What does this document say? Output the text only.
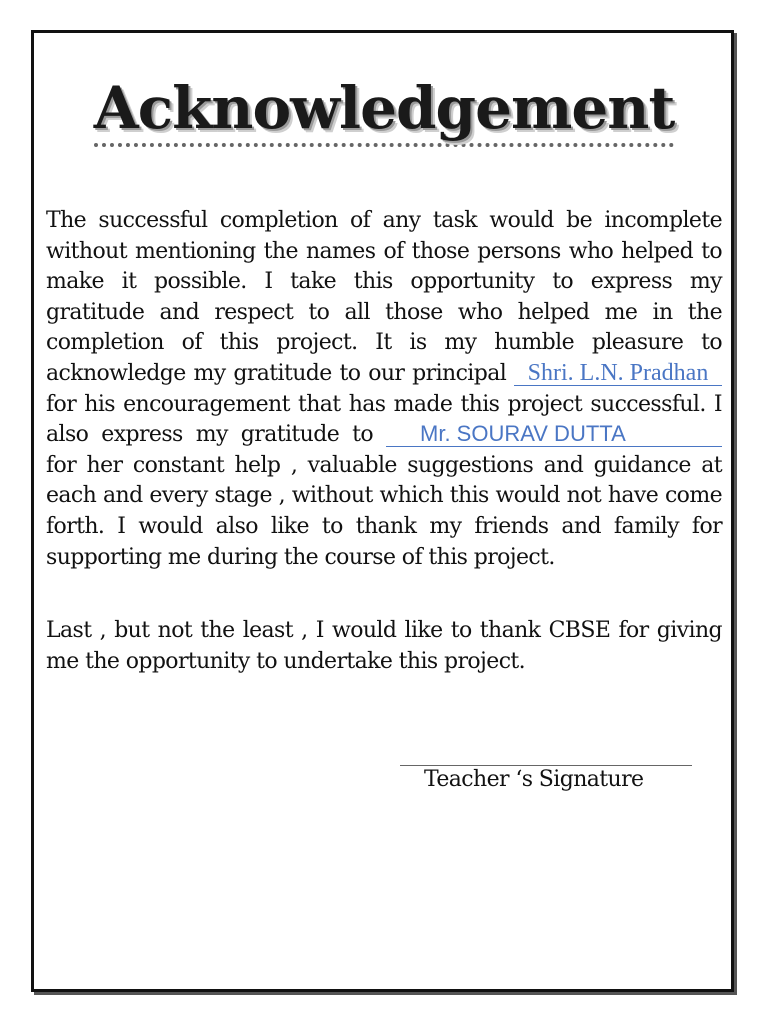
Acknowledgement
The successful completion of any task would be incomplete without mentioning the names of those persons who helped to make it possible. I take this opportunity to express my gratitude and respect to all those who helped me in the completion of this project. It is my humble pleasure to acknowledge my gratitude to our principal Shri. L.N. Pradhan for his encouragement that has made this project successful. I also express my gratitude to Mr. SOURAV DUTTA for her constant help , valuable suggestions and guidance at each and every stage , without which this would not have come forth. I would also like to thank my friends and family for supporting me during the course of this project.
Last , but not the least , I would like to thank CBSE for giving me the opportunity to undertake this project.
Teacher ‘s Signature
